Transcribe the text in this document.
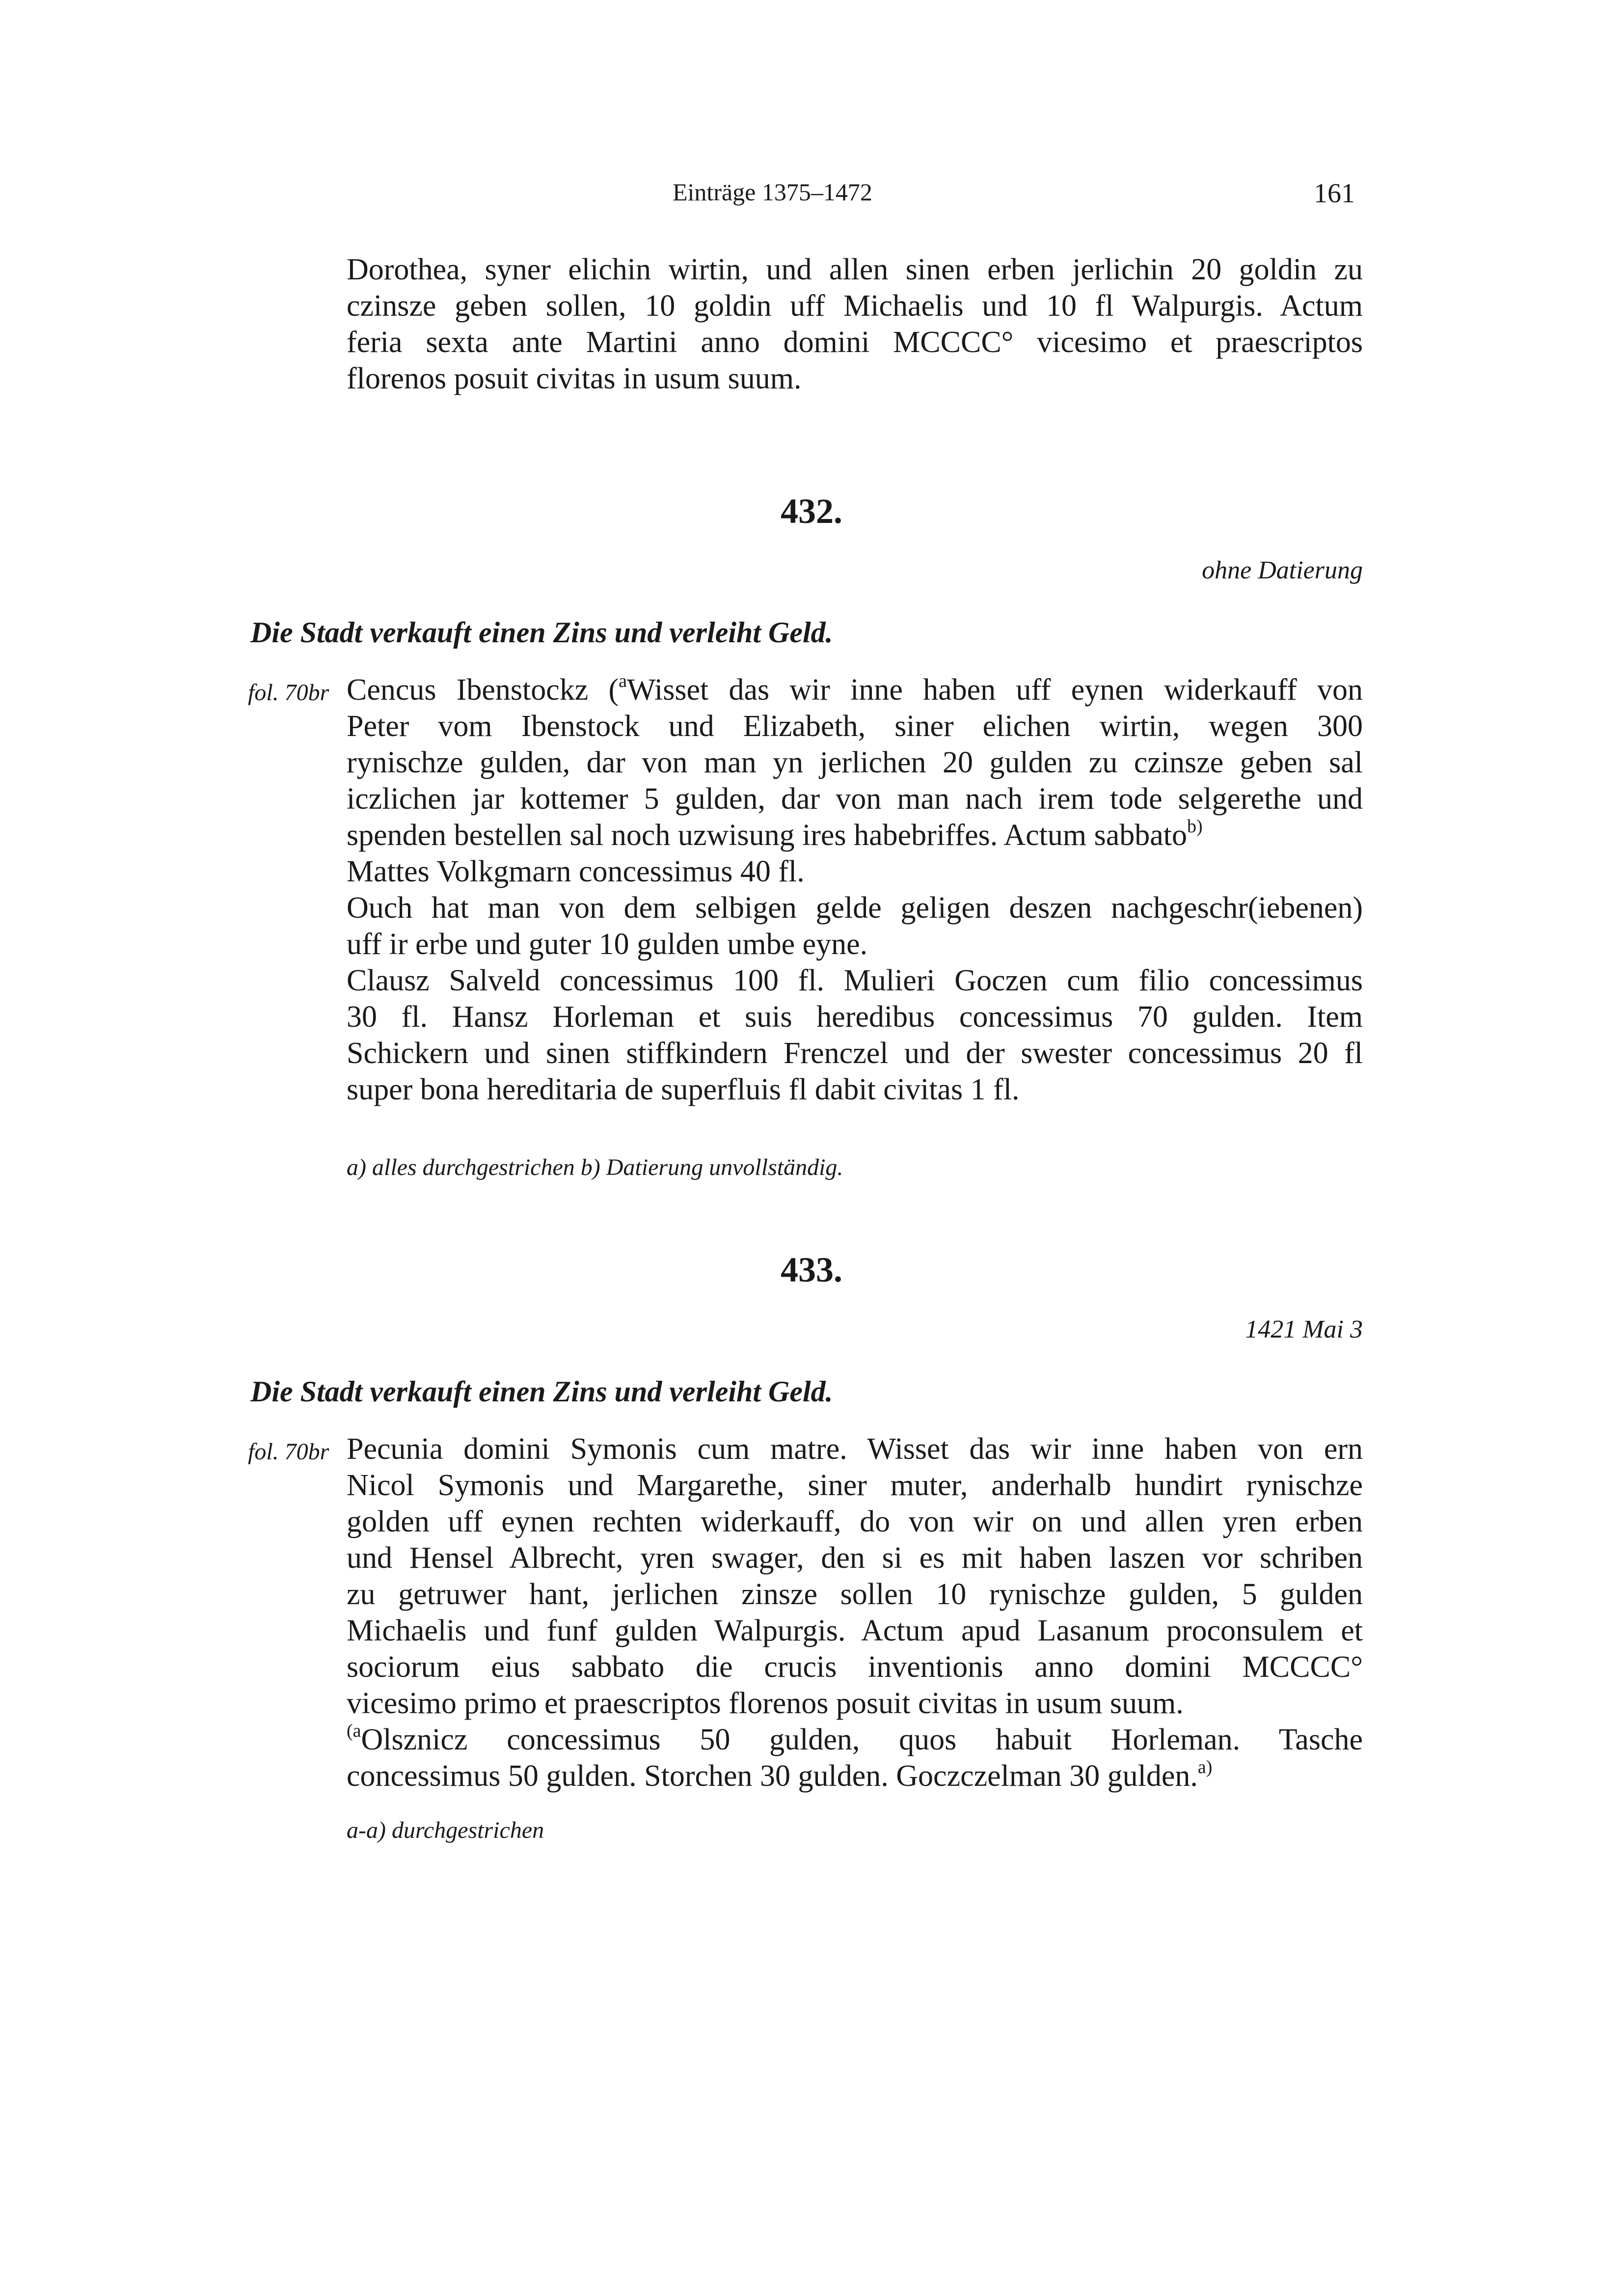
Einträge 1375–1472	161
Dorothea, syner elichin wirtin, und allen sinen erben jerlichin 20 goldin zu
czinsze geben sollen, 10 goldin uff Michaelis und 10 fl Walpurgis. Actum
feria sexta ante Martini anno domini MCCCC° vicesimo et praescriptos
florenos posuit civitas in usum suum.
432.
ohne Datierung
Die Stadt verkauft einen Zins und verleiht Geld.
fol. 70br Cencus Ibenstockz ($^a$Wisset das wir inne haben uff eynen widerkauff von
Peter vom Ibenstock und Elizabeth, siner elichen wirtin, wegen 300
rynischze gulden, dar von man yn jerlichen 20 gulden zu czinsze geben sal
iczlichen jar kottemer 5 gulden, dar von man nach irem tode selgerethe und
spenden bestellen sal noch uzwisung ires habebriffes. Actum sabbato$^{b)}$
Mattes Volkgmarn concessimus 40 fl.
Ouch hat man von dem selbigen gelde geligen deszen nachgeschr(iebenen)
uff ir erbe und guter 10 gulden umbe eyne.
Clausz Salveld concessimus 100 fl. Mulieri Goczen cum filio concessimus
30 fl. Hansz Horleman et suis heredibus concessimus 70 gulden. Item
Schickern und sinen stiffkindern Frenczel und der swester concessimus 20 fl
super bona hereditaria de superfluis fl dabit civitas 1 fl.
a) alles durchgestrichen b) Datierung unvollständig.
433.
1421 Mai 3
Die Stadt verkauft einen Zins und verleiht Geld.
fol. 70br Pecunia domini Symonis cum matre. Wisset das wir inne haben von ern
Nicol Symonis und Margarethe, siner muter, anderhalb hundirt rynischze
golden uff eynen rechten widerkauff, do von wir on und allen yren erben
und Hensel Albrecht, yren swager, den si es mit haben laszen vor schriben
zu getruwer hant, jerlichen zinsze sollen 10 rynischze gulden, 5 gulden
Michaelis und funf gulden Walpurgis. Actum apud Lasanum proconsulem et
sociorum eius sabbato die crucis inventionis anno domini MCCCC°
vicesimo primo et praescriptos florenos posuit civitas in usum suum.
$^{(a}$Olsznicz concessimus 50 gulden, quos habuit Horleman. Tasche
concessimus 50 gulden. Storchen 30 gulden. Goczczelman 30 gulden.$^{a)}$
a-a) durchgestrichen
